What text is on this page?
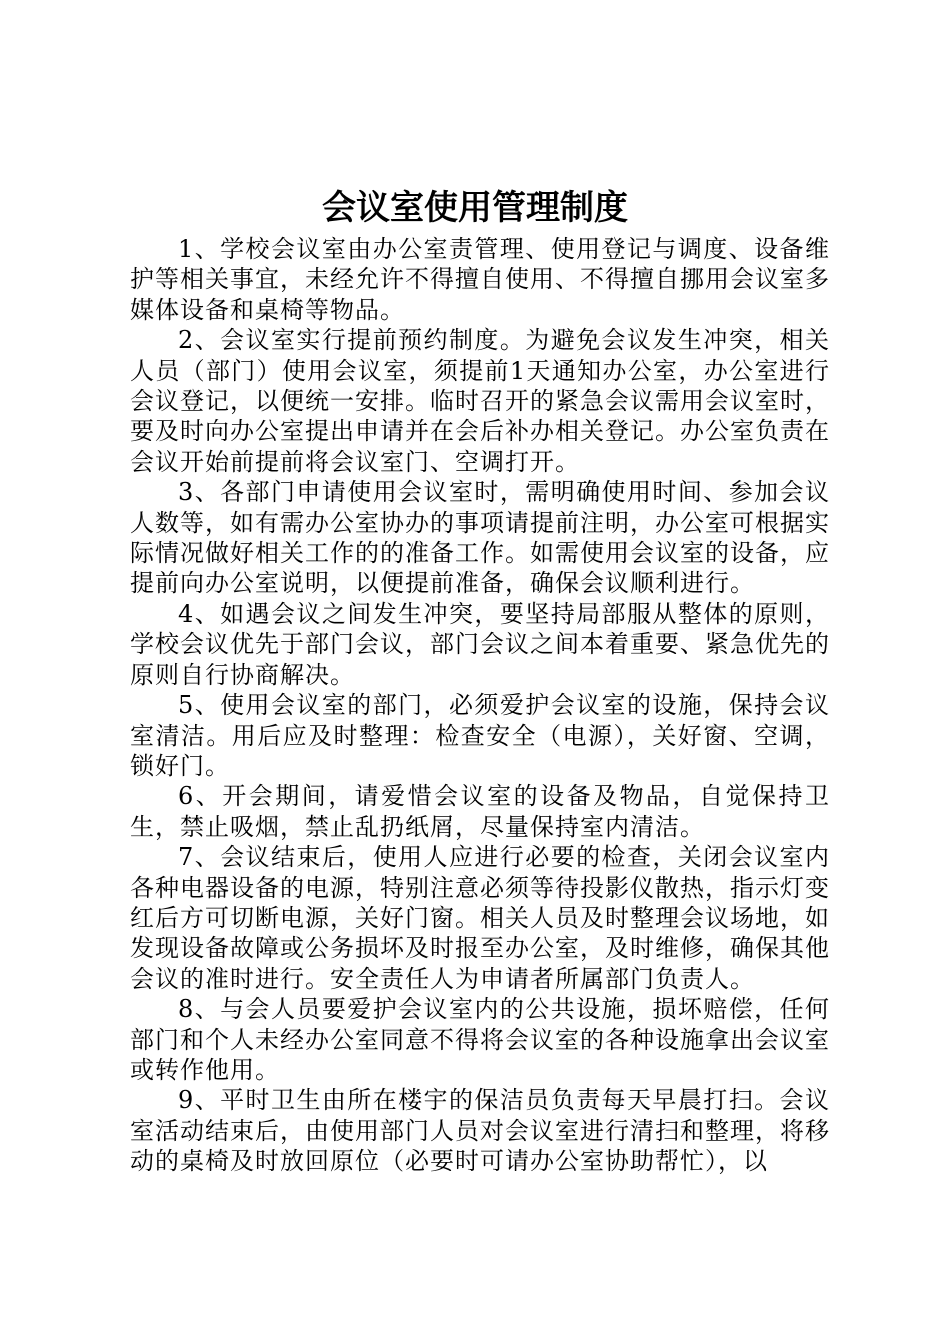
会议室使用管理制度

1、学校会议室由办公室责管理、使用登记与调度、设备维护等相关事宜，未经允许不得擅自使用、不得擅自挪用会议室多媒体设备和桌椅等物品。

2、会议室实行提前预约制度。为避免会议发生冲突，相关人员（部门）使用会议室，须提前1天通知办公室，办公室进行会议登记，以便统一安排。临时召开的紧急会议需用会议室时，要及时向办公室提出申请并在会后补办相关登记。办公室负责在会议开始前提前将会议室门、空调打开。

3、各部门申请使用会议室时，需明确使用时间、参加会议人数等，如有需办公室协办的事项请提前注明，办公室可根据实际情况做好相关工作的的准备工作。如需使用会议室的设备，应提前向办公室说明，以便提前准备，确保会议顺利进行。

4、如遇会议之间发生冲突，要坚持局部服从整体的原则，学校会议优先于部门会议，部门会议之间本着重要、紧急优先的原则自行协商解决。

5、使用会议室的部门，必须爱护会议室的设施，保持会议室清洁。用后应及时整理：检查安全（电源），关好窗、空调，锁好门。

6、开会期间，请爱惜会议室的设备及物品，自觉保持卫生，禁止吸烟，禁止乱扔纸屑，尽量保持室内清洁。

7、会议结束后，使用人应进行必要的检查，关闭会议室内各种电器设备的电源，特别注意必须等待投影仪散热，指示灯变红后方可切断电源，关好门窗。相关人员及时整理会议场地，如发现设备故障或公务损坏及时报至办公室，及时维修，确保其他会议的准时进行。安全责任人为申请者所属部门负责人。

8、与会人员要爱护会议室内的公共设施，损坏赔偿，任何部门和个人未经办公室同意不得将会议室的各种设施拿出会议室或转作他用。

9、平时卫生由所在楼宇的保洁员负责每天早晨打扫。会议室活动结束后，由使用部门人员对会议室进行清扫和整理，将移动的桌椅及时放回原位（必要时可请办公室协助帮忙），以
